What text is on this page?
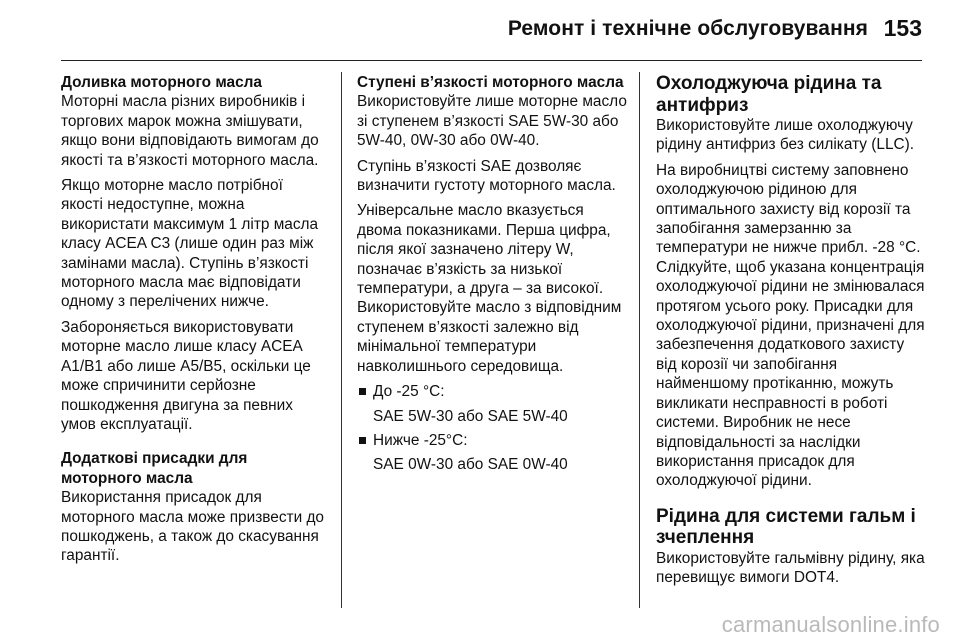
Ремонт і технічне обслуговування 153
Доливка моторного масла

Моторні масла різних виробників і торгових марок можна змішувати, якщо вони відповідають вимогам до якості та в’язкості моторного масла.

Якщо моторне масло потрібної якості недоступне, можна використати максимум 1 літр масла класу ACEA C3 (лише один раз між замінами масла). Ступінь в’язкості моторного масла має відповідати одному з перелічених нижче.

Забороняється використовувати моторне масло лише класу ACEA A1/B1 або лише A5/B5, оскільки це може спричинити серйозне пошкодження двигуна за певних умов експлуатації.

Додаткові присадки для моторного масла

Використання присадок для моторного масла може призвести до пошкоджень, а також до скасування гарантії.

Ступені в’язкості моторного масла

Використовуйте лише моторне масло зі ступенем в’язкості SAE 5W-30 або 5W-40, 0W-30 або 0W-40.

Ступінь в’язкості SAE дозволяє визначити густоту моторного масла.

Універсальне масло вказується двома показниками. Перша цифра, після якої зазначено літеру W, позначає в’язкість за низької температури, а друга – за високої. Використовуйте масло з відповідним ступенем в’язкості залежно від мінімальної температури навколишнього середовища.

До -25 °C:
SAE 5W-30 або SAE 5W-40
Нижче -25°C:
SAE 0W-30 або SAE 0W-40
Охолоджуюча рідина та антифриз

Використовуйте лише охолоджуючу рідину антифриз без силікату (LLC).

На виробництві систему заповнено охолоджуючою рідиною для оптимального захисту від корозії та запобігання замерзанню за температури не нижче прибл. -28 °C. Слідкуйте, щоб указана концентрація охолоджуючої рідини не змінювалася протягом усього року. Присадки для охолоджуючої рідини, призначені для забезпечення додаткового захисту від корозії чи запобігання найменшому протіканню, можуть викликати несправності в роботі системи. Виробник не несе відповідальності за наслідки використання присадок для охолоджуючої рідини.

Рідина для системи гальм і зчеплення

Використовуйте гальмівну рідину, яка перевищує вимоги DOT4.

carmanualsonline.info
